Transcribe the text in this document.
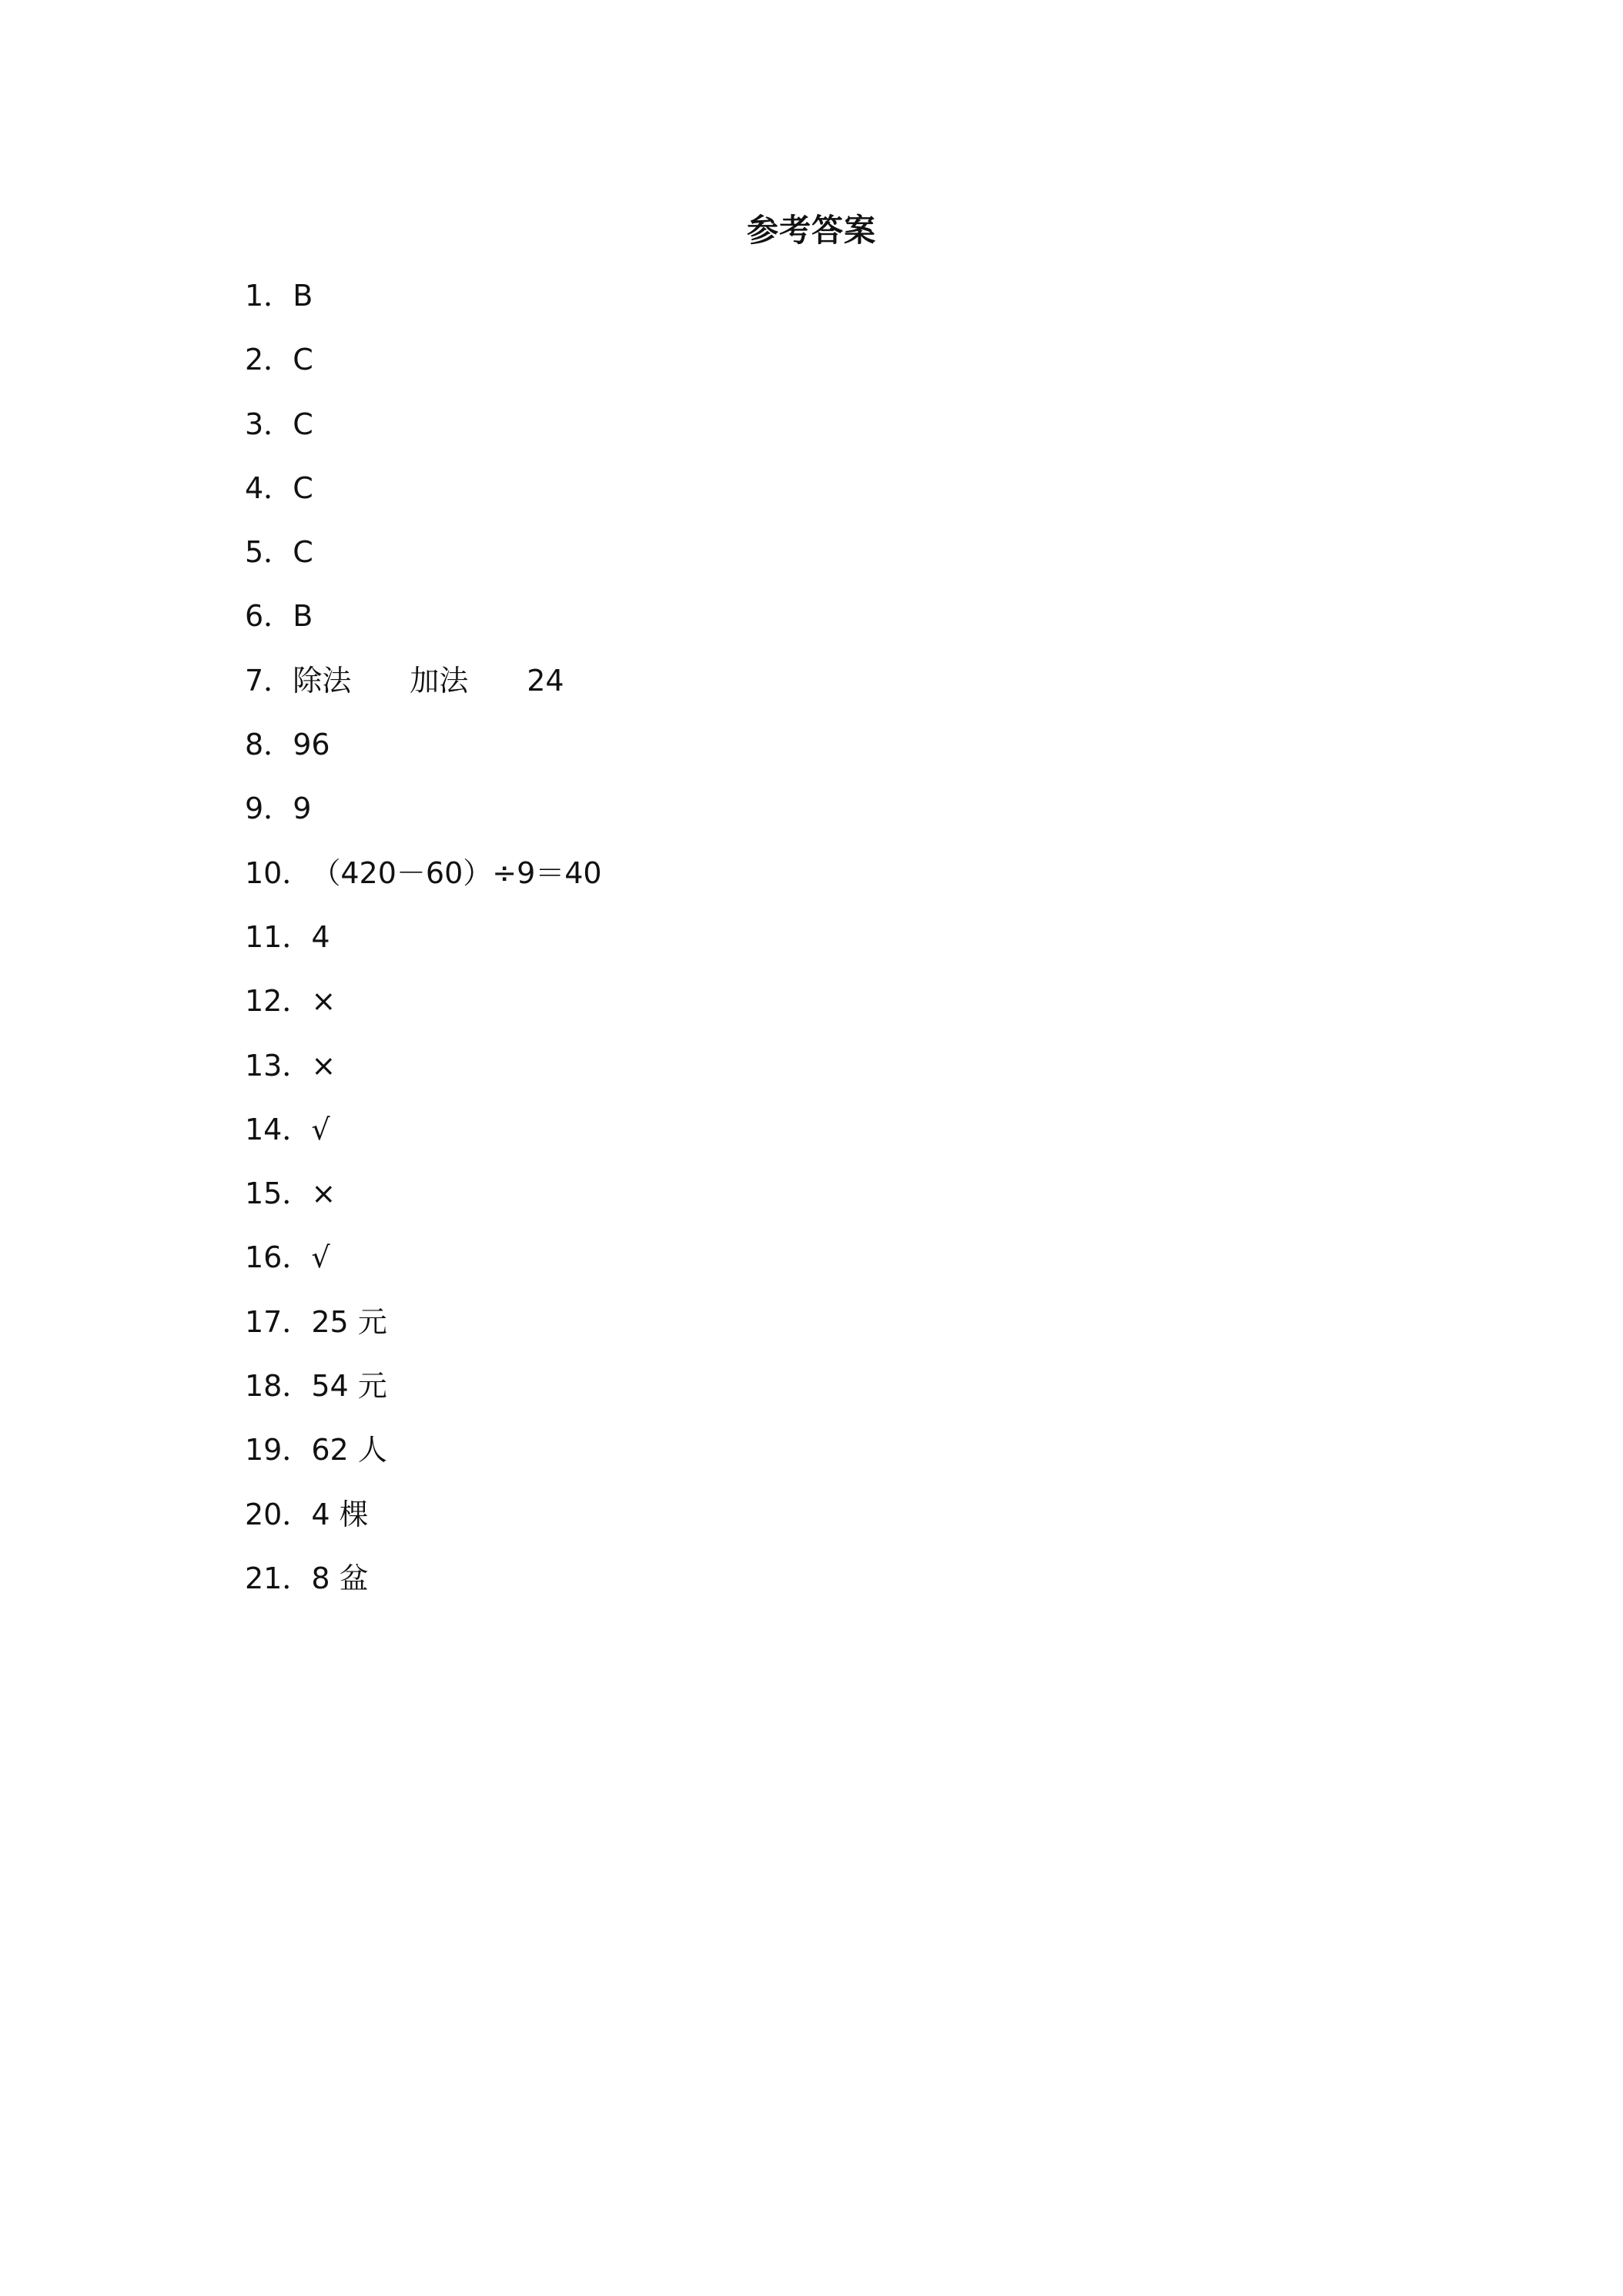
参考答案
1．B
2．C
3．C
4．C
5．C
6．B
7．除法　　加法　　24
8．96
9．9
10．（420－60）÷9＝40
11．4
12．×
13．×
14．√
15．×
16．√
17．25 元
18．54 元
19．62 人
20．4 棵
21．8 盆
